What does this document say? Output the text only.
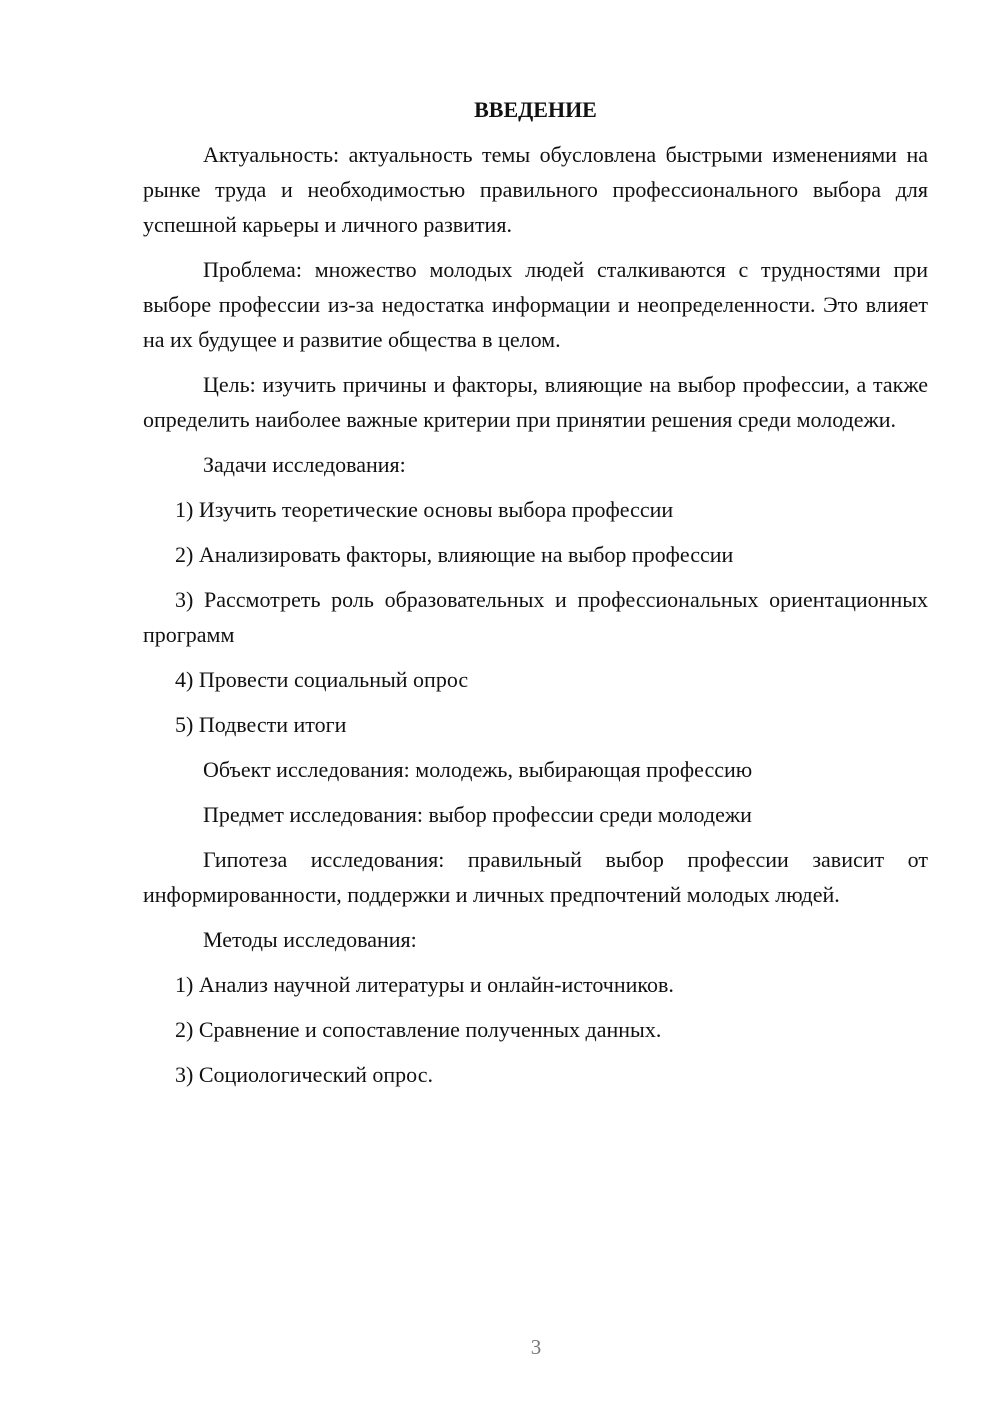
ВВЕДЕНИЕ

Актуальность: актуальность темы обусловлена быстрыми изменениями на рынке труда и необходимостью правильного профессионального выбора для успешной карьеры и личного развития.

Проблема: множество молодых людей сталкиваются с трудностями при выборе профессии из-за недостатка информации и неопределенности. Это влияет на их будущее и развитие общества в целом.

Цель: изучить причины и факторы, влияющие на выбор профессии, а также определить наиболее важные критерии при принятии решения среди молодежи.

Задачи исследования:
1) Изучить теоретические основы выбора профессии
2) Анализировать факторы, влияющие на выбор профессии

3) Рассмотреть роль образовательных и профессиональных ориентационных программ

4) Провести социальный опрос
5) Подвести итоги
Объект исследования: молодежь, выбирающая профессию
Предмет исследования: выбор профессии среди молодежи

Гипотеза исследования: правильный выбор профессии зависит от информированности, поддержки и личных предпочтений молодых людей.

Методы исследования:
1) Анализ научной литературы и онлайн-источников.
2) Сравнение и сопоставление полученных данных.
3) Социологический опрос.
3
